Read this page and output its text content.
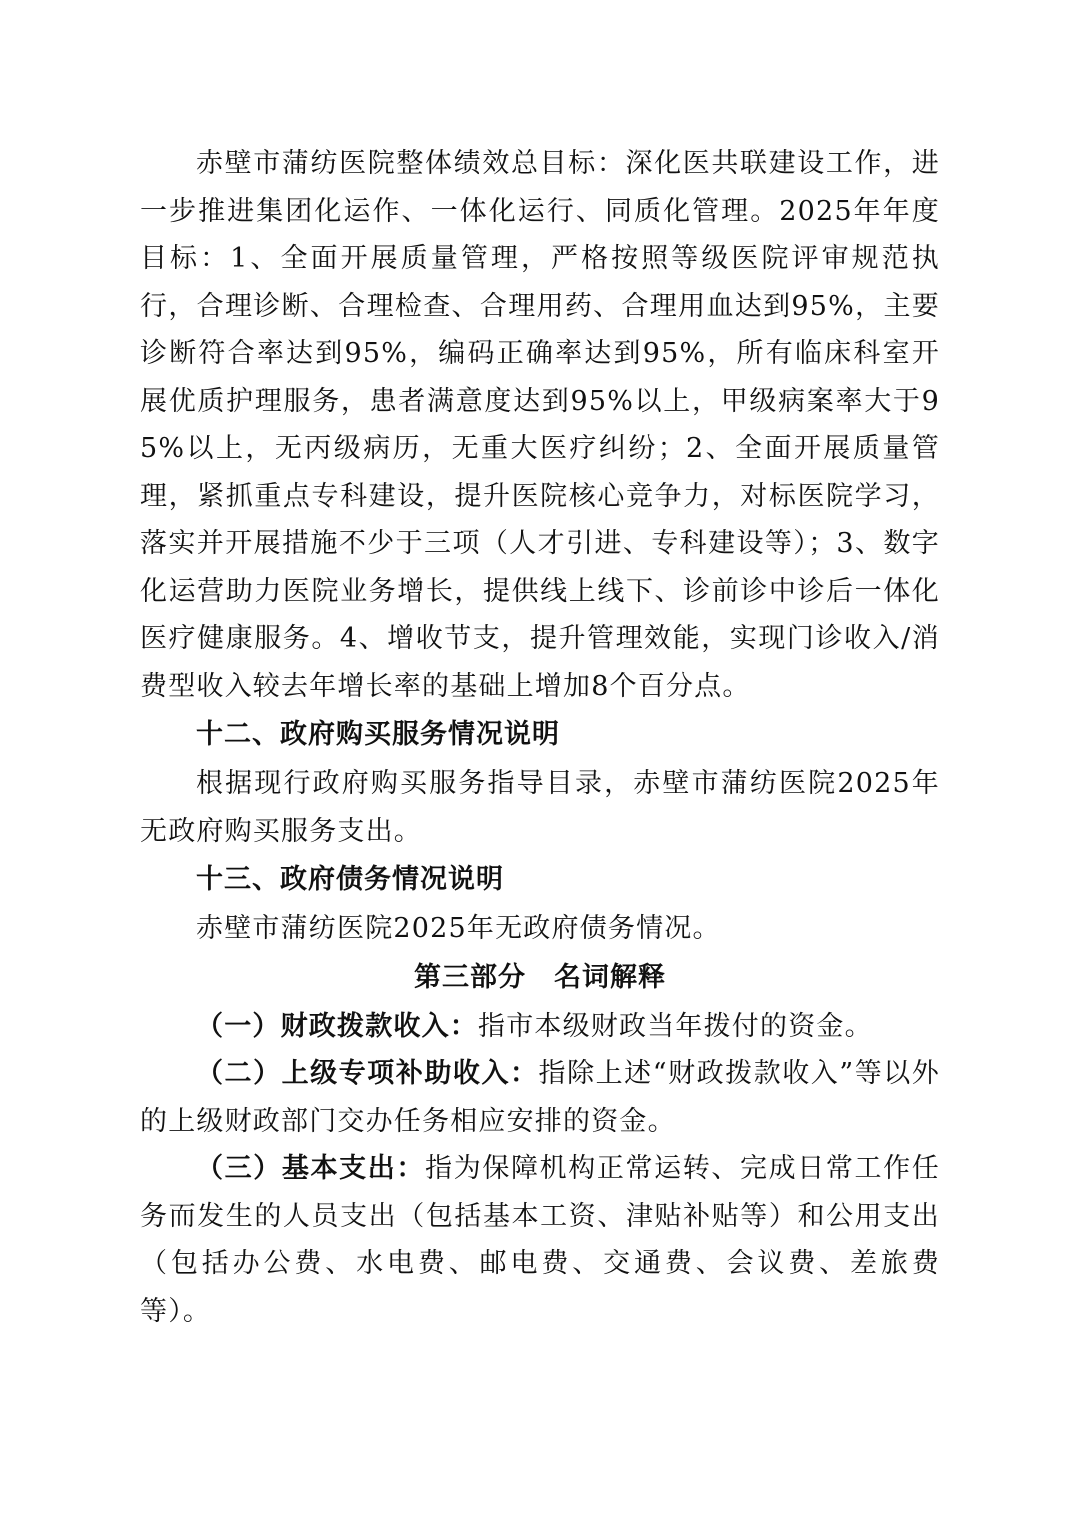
赤壁市蒲纺医院整体绩效总目标：深化医共联建设工作，进一步推进集团化运作、一体化运行、同质化管理。2025年年度目标：1、全面开展质量管理，严格按照等级医院评审规范执行，合理诊断、合理检查、合理用药、合理用血达到95%，主要诊断符合率达到95%，编码正确率达到95%，所有临床科室开展优质护理服务，患者满意度达到95%以上，甲级病案率大于95%以上，无丙级病历，无重大医疗纠纷；2、全面开展质量管理，紧抓重点专科建设，提升医院核心竞争力，对标医院学习，落实并开展措施不少于三项（人才引进、专科建设等）；3、数字化运营助力医院业务增长，提供线上线下、诊前诊中诊后一体化医疗健康服务。4、增收节支，提升管理效能，实现门诊收入/消费型收入较去年增长率的基础上增加8个百分点。

十二、政府购买服务情况说明

根据现行政府购买服务指导目录，赤壁市蒲纺医院2025年无政府购买服务支出。

十三、政府债务情况说明

赤壁市蒲纺医院2025年无政府债务情况。

第三部分　名词解释

（一）财政拨款收入：指市本级财政当年拨付的资金。

（二）上级专项补助收入：指除上述“财政拨款收入”等以外的上级财政部门交办任务相应安排的资金。

（三）基本支出：指为保障机构正常运转、完成日常工作任务而发生的人员支出（包括基本工资、津贴补贴等）和公用支出（包括办公费、水电费、邮电费、交通费、会议费、差旅费等）。
